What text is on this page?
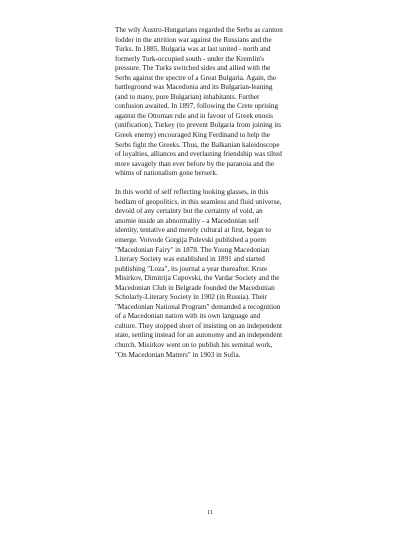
The wily Austro-Hungarians regarded the Serbs as cannon
fodder in the attrition war against the Russians and the
Turks. In 1885, Bulgaria was at last united - north and
formerly Turk-occupied south - under the Kremlin's
pressure. The Turks switched sides and allied with the
Serbs against the spectre of a Great Bulgaria. Again, the
battleground was Macedonia and its Bulgarian-leaning
(and to many, pure Bulgarian) inhabitants. Further
confusion awaited. In 1897, following the Crete uprising
against the Ottoman rule and in favour of Greek enosis
(unification), Turkey (to prevent Bulgaria from joining its
Greek enemy) encouraged King Ferdinand to help the
Serbs fight the Greeks. Thus, the Balkanian kaleidoscope
of loyalties, alliances and everlasting friendship was tilted
more savagely than ever before by the paranoia and the
whims of nationalism gone berserk.

In this world of self reflecting looking glasses, in this
bedlam of geopolitics, in this seamless and fluid universe,
devoid of any certainty but the certainty of void, an
anomie inside an abnormality - a Macedonian self
identity, tentative and merely cultural at first, began to
emerge. Voivode Gorgija Pulevski published a poem
"Macedonian Fairy" in 1878. The Young Macedonian
Literary Society was established in 1891 and started
publishing "Loza", its journal a year thereafter. Krste
Misirkov, Dimitrija Cupovski, the Vardar Society and the
Macedonian Club in Belgrade founded the Macedonian
Scholarly-Literary Society in 1902 (in Russia). Their
"Macedonian National Program" demanded a recognition
of a Macedonian nation with its own language and
culture. They stopped short of insisting on an independent
state, settling instead for an autonomy and an independent
church. Misirkov went on to publish his seminal work,
"On Macedonian Matters" in 1903 in Sofia.

11
